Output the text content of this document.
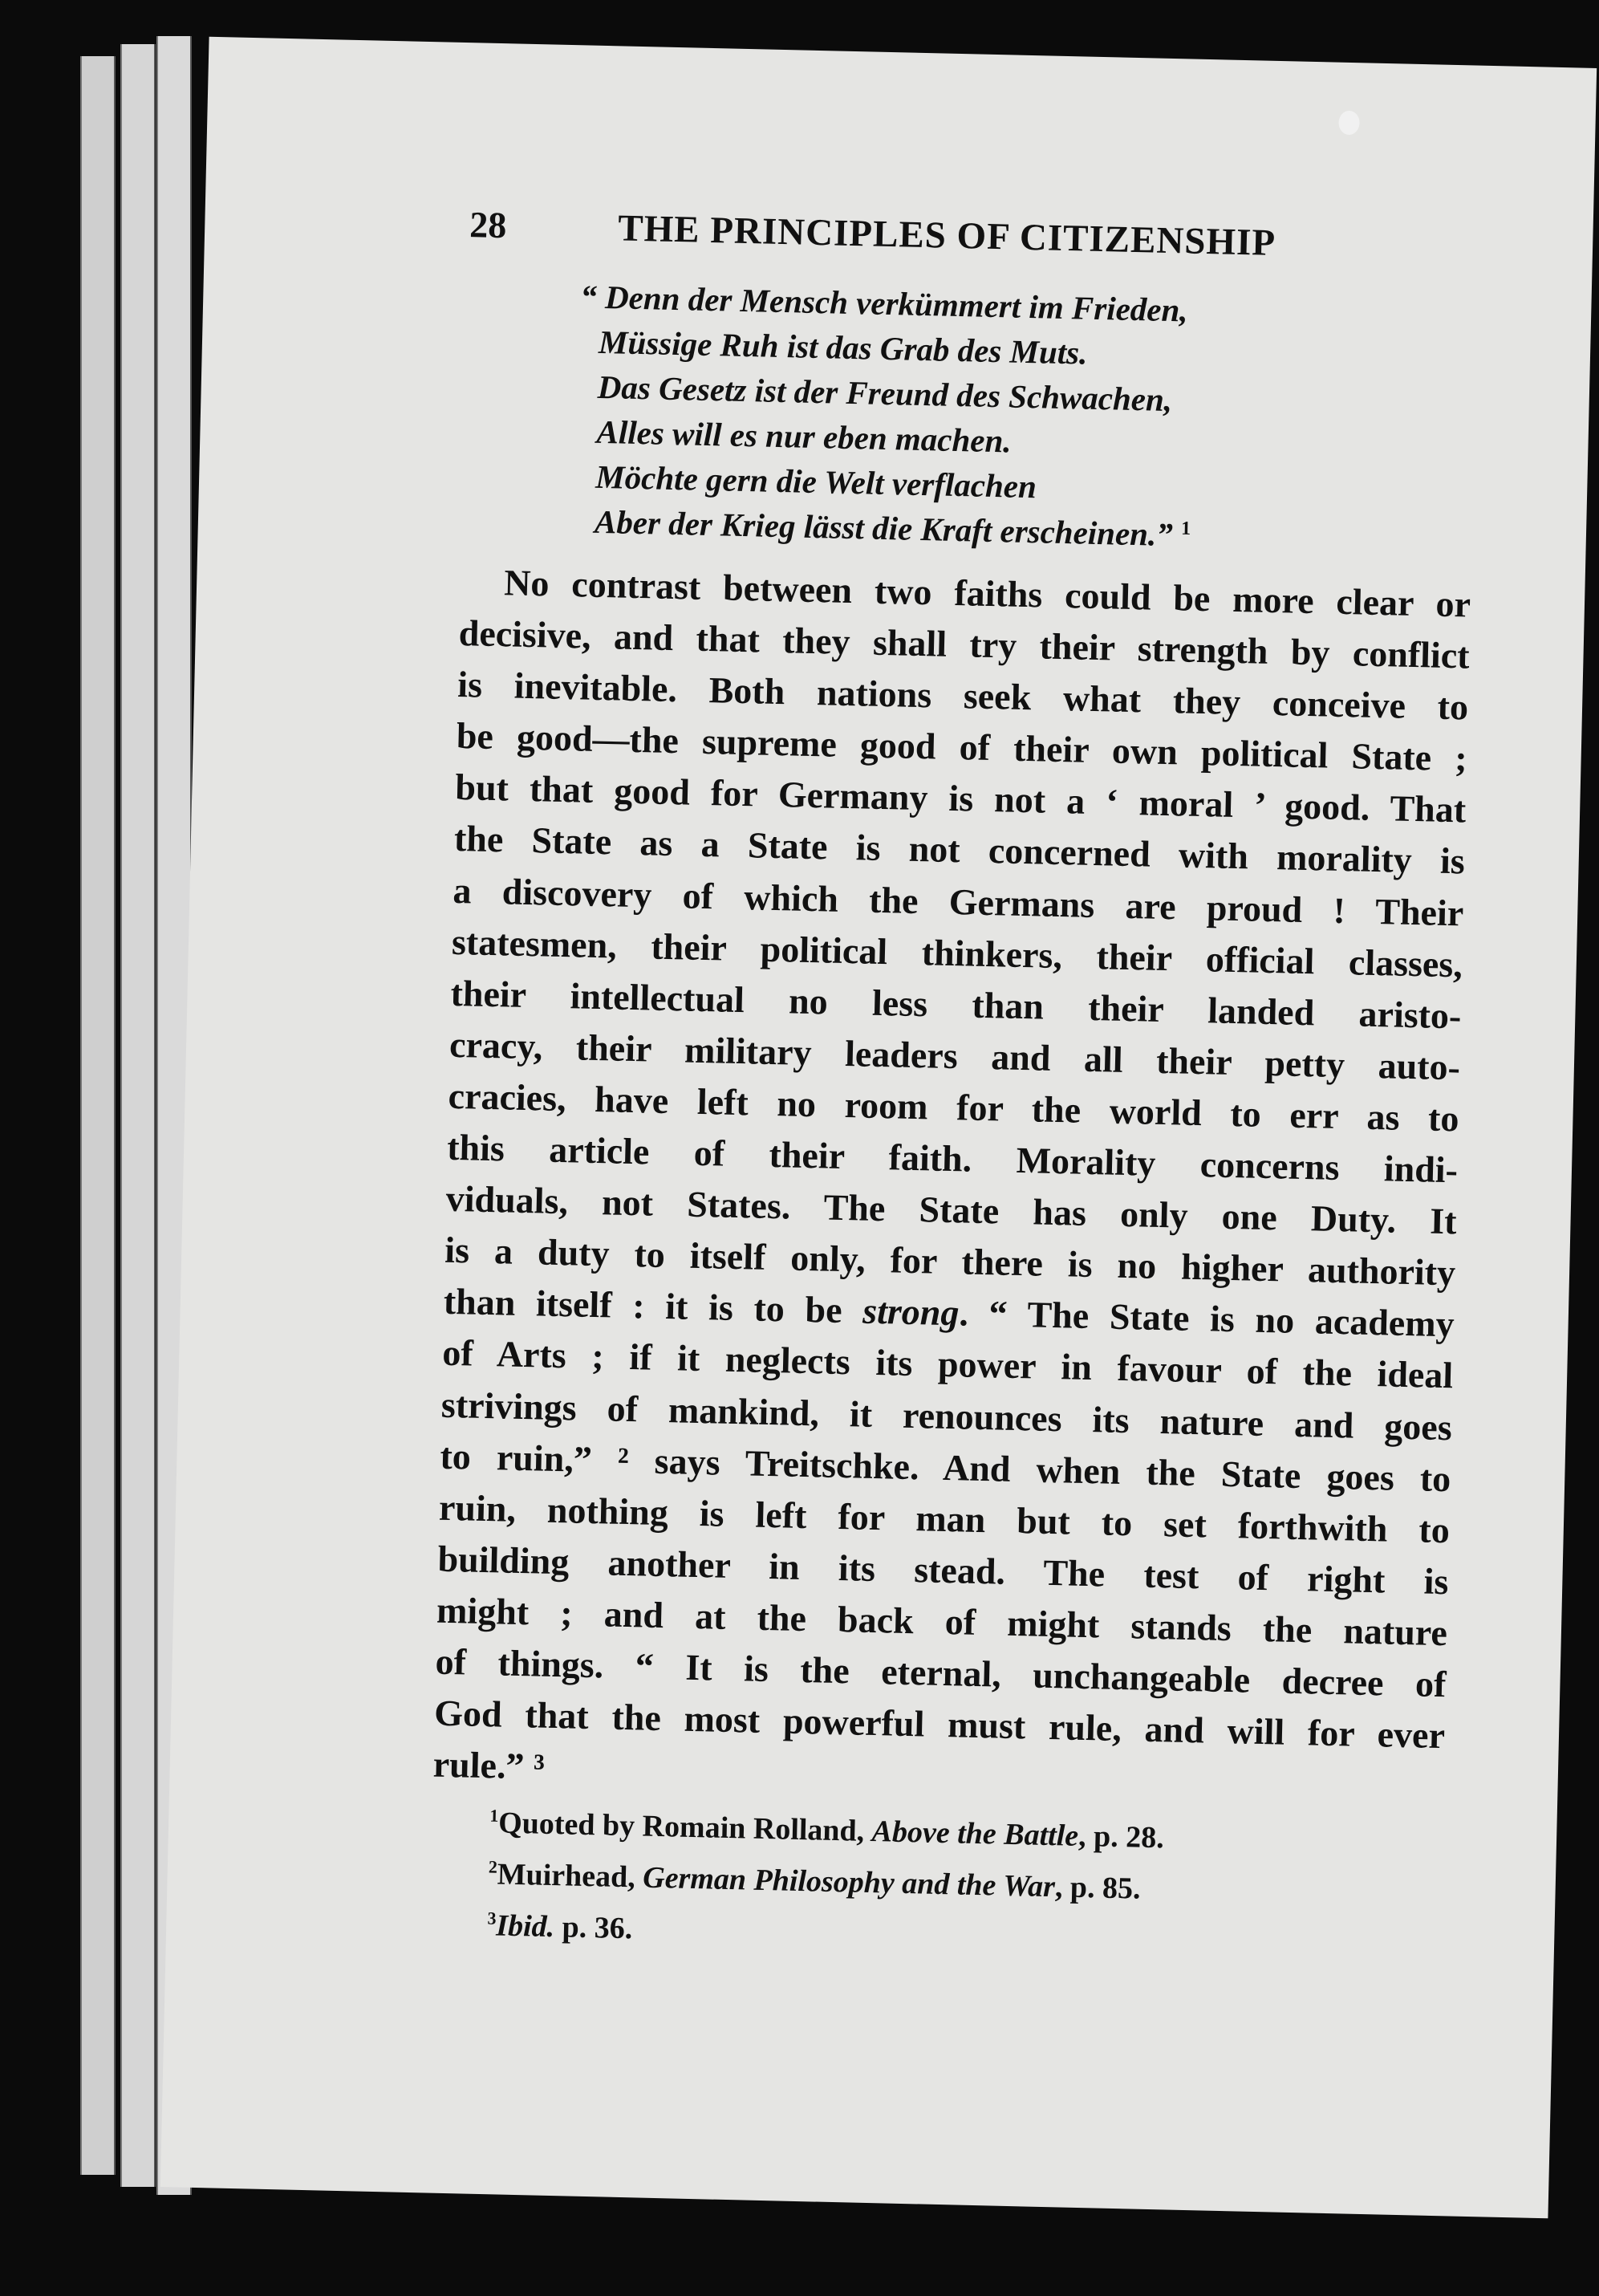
28	THE PRINCIPLES OF CITIZENSHIP
“ Denn der Mensch verkümmert im Frieden,
Müssige Ruh ist das Grab des Muts.
Das Gesetz ist der Freund des Schwachen,
Alles will es nur eben machen.
Möchte gern die Welt verflachen
Aber der Krieg lässt die Kraft erscheinen.” $^1$
No contrast between two faiths could be more clear or
decisive, and that they shall try their strength by conflict
is inevitable. Both nations seek what they conceive to
be good—the supreme good of their own political State ;
but that good for Germany is not a ‘ moral ’ good. That
the State as a State is not concerned with morality is
a discovery of which the Germans are proud ! Their
statesmen, their political thinkers, their official classes,
their intellectual no less than their landed aristo-
cracy, their military leaders and all their petty auto-
cracies, have left no room for the world to err as to
this article of their faith. Morality concerns indi-
viduals, not States. The State has only one Duty. It
is a duty to itself only, for there is no higher authority
than itself : it is to be strong. “ The State is no academy
of Arts ; if it neglects its power in favour of the ideal
strivings of mankind, it renounces its nature and goes
to ruin,” ² says Treitschke. And when the State goes to
ruin, nothing is left for man but to set forthwith to
building another in its stead. The test of right is
might ; and at the back of might stands the nature
of things. “ It is the eternal, unchangeable decree of
God that the most powerful must rule, and will for ever
rule.” ³
$^1$Quoted by Romain Rolland, Above the Battle, p. 28.
$^2$Muirhead, German Philosophy and the War, p. 85.
$^3$Ibid. p. 36.
